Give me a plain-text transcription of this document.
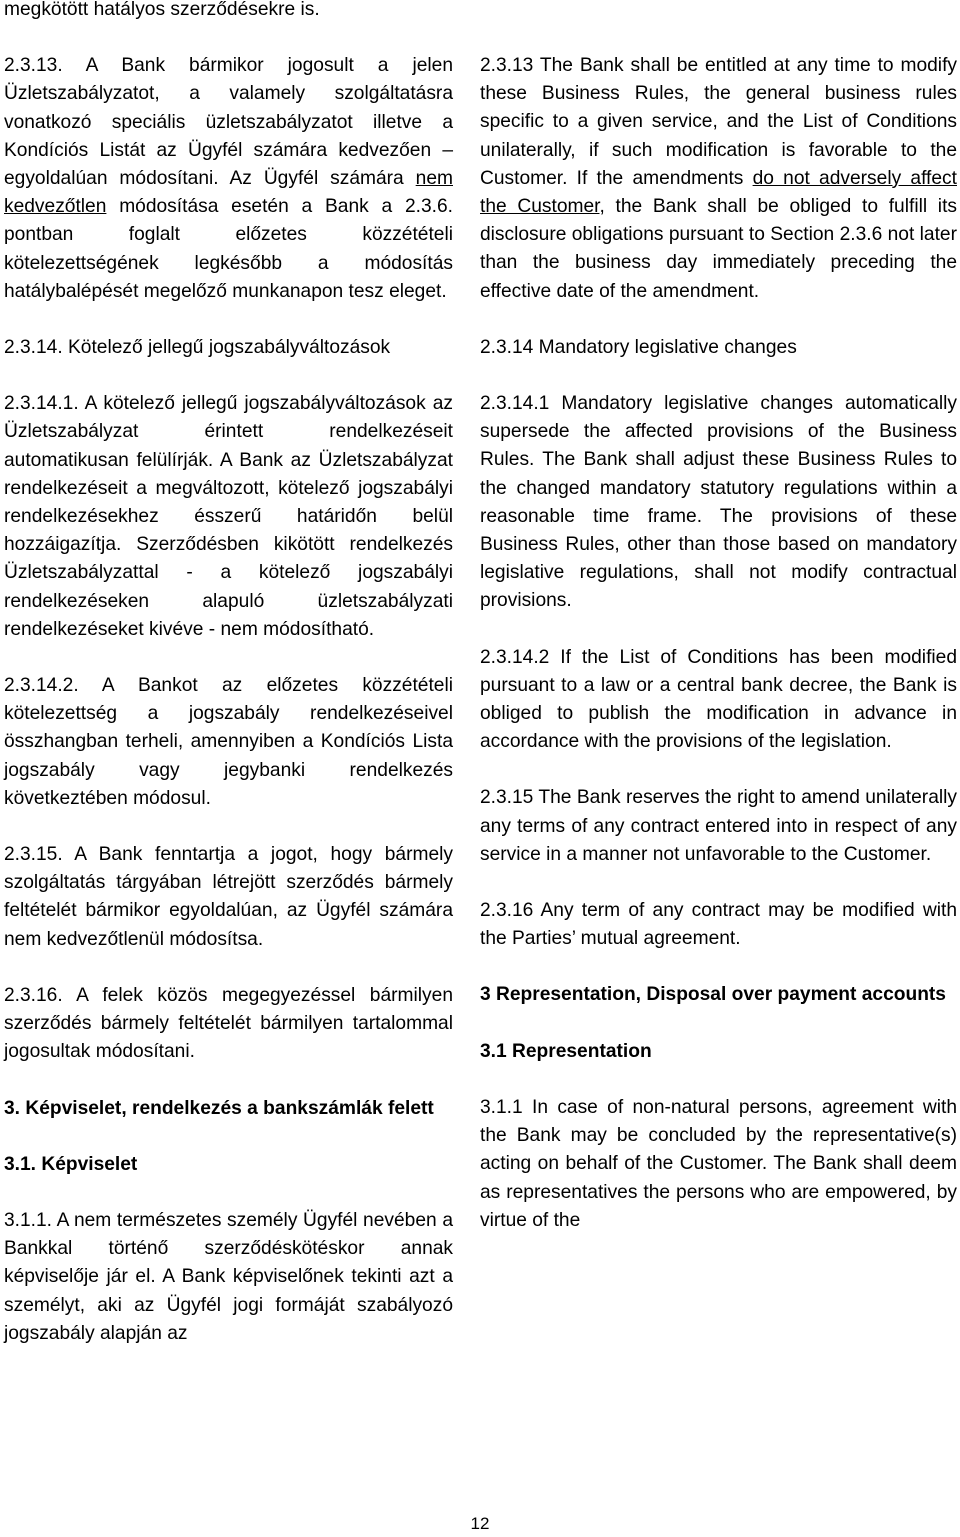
megkötött hatályos szerződésekre is.

2.3.13. A Bank bármikor jogosult a jelen Üzletszabályzatot, a valamely szolgáltatásra vonatkozó speciális üzletszabályzatot illetve a Kondíciós Listát az Ügyfél számára kedvezően – egyoldalúan módosítani. Az Ügyfél számára nem kedvezőtlen módosítása esetén a Bank a 2.3.6. pontban foglalt előzetes közzétételi kötelezettségének legkésőbb a módosítás hatálybalépését megelőző munkanapon tesz eleget.

2.3.14. Kötelező jellegű jogszabályváltozások

2.3.14.1. A kötelező jellegű jogszabályváltozások az Üzletszabályzat érintett rendelkezéseit automatikusan felülírják. A Bank az Üzletszabályzat rendelkezéseit a megváltozott, kötelező jogszabályi rendelkezésekhez ésszerű határidőn belül hozzáigazítja. Szerződésben kikötött rendelkezés Üzletszabályzattal - a kötelező jogszabályi rendelkezéseken alapuló üzletszabályzati rendelkezéseket kivéve - nem módosítható.

2.3.14.2. A Bankot az előzetes közzétételi kötelezettség a jogszabály rendelkezéseivel összhangban terheli, amennyiben a Kondíciós Lista jogszabály vagy jegybanki rendelkezés következtében módosul.

2.3.15. A Bank fenntartja a jogot, hogy bármely szolgáltatás tárgyában létrejött szerződés bármely feltételét bármikor egyoldalúan, az Ügyfél számára nem kedvezőtlenül módosítsa.

2.3.16. A felek közös megegyezéssel bármilyen szerződés bármely feltételét bármilyen tartalommal jogosultak módosítani.

3. Képviselet, rendelkezés a bankszámlák felett

3.1. Képviselet

3.1.1. A nem természetes személy Ügyfél nevében a Bankkal történő szerződéskötéskor annak képviselője jár el. A Bank képviselőnek tekinti azt a személyt, aki az Ügyfél jogi formáját szabályozó jogszabály alapján az

2.3.13 The Bank shall be entitled at any time to modify these Business Rules, the general business rules specific to a given service, and the List of Conditions unilaterally, if such modification is favorable to the Customer. If the amendments do not adversely affect the Customer, the Bank shall be obliged to fulfill its disclosure obligations pursuant to Section 2.3.6 not later than the business day immediately preceding the effective date of the amendment.

2.3.14 Mandatory legislative changes

2.3.14.1 Mandatory legislative changes automatically supersede the affected provisions of the Business Rules. The Bank shall adjust these Business Rules to the changed mandatory statutory regulations within a reasonable time frame. The provisions of these Business Rules, other than those based on mandatory legislative regulations, shall not modify contractual provisions.

2.3.14.2 If the List of Conditions has been modified pursuant to a law or a central bank decree, the Bank is obliged to publish the modification in advance in accordance with the provisions of the legislation.

2.3.15 The Bank reserves the right to amend unilaterally any terms of any contract entered into in respect of any service in a manner not unfavorable to the Customer.

2.3.16 Any term of any contract may be modified with the Parties’ mutual agreement.

3 Representation, Disposal over payment accounts

3.1 Representation

3.1.1 In case of non-natural persons, agreement with the Bank may be concluded by the representative(s) acting on behalf of the Customer. The Bank shall deem as representatives the persons who are empowered, by virtue of the

12
